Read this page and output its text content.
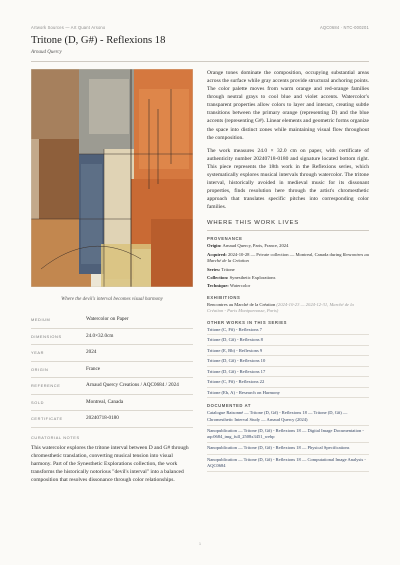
Artwork Sources — Art Quant Arsono	AQC0684 · NTC-000201
Tritone (D, G#) - Reflexions 18
Arnaud Quercy
Where the devil's interval becomes visual harmony
MEDIUM	Watercolor on Paper
DIMENSIONS	24.0×32.0cm
YEAR	2024
ORIGIN	France
REFERENCE	Arnaud Quercy Creations / AQC0684 / 2024
SOLD	Montreal, Canada
CERTIFICATE	20240718-0180
CURATORIAL NOTES
This watercolor explores the tritone interval between D and G# through chromesthetic translation, converting musical tension into visual harmony. Part of the Synesthetic Explorations collection, the work transforms the historically notorious "devil's interval" into a balanced composition that resolves dissonance through color relationships.

Orange tones dominate the composition, occupying substantial areas across the surface while gray accents provide structural anchoring points. The color palette moves from warm orange and red-orange families through neutral grays to cool blue and violet accents. Watercolor's transparent properties allow colors to layer and interact, creating subtle transitions between the primary orange (representing D) and the blue accents (representing G#). Linear elements and geometric forms organize the space into distinct zones while maintaining visual flow throughout the composition.

The work measures 24.0 × 32.0 cm on paper, with certificate of authenticity number 20240718-0180 and signature located bottom right. This piece represents the 18th work in the Reflexions series, which systematically explores musical intervals through watercolor. The tritone interval, historically avoided in medieval music for its dissonant properties, finds resolution here through the artist's chromesthetic approach that translates specific pitches into corresponding color families.

WHERE THIS WORK LIVES
PROVENANCE
Origin: Arnaud Quercy, Paris, France, 2024
Acquired: 2024-10-28 — Private collection — Montreal, Canada during Rencontres au Marché de la Création
Series: Tritone
Collection: Synesthetic Explorations
Technique: Watercolor
EXHIBITIONS
Rencontres au Marché de la Création (2024-10-23 — 2024-12-31, Marché de la Création - Paris Montparnasse, Paris)
OTHER WORKS IN THIS SERIES
Tritone (C, F#) - Reflexions 7
Tritone (D, G#) - Reflexions 8
Tritone (E, Bb) - Reflexions 9
Tritone (D, G#) - Reflexions 10
Tritone (D, G#) - Reflexions 17
Tritone (C, F#) - Reflexions 22
Tritone (Eb, A) - Research on Harmony
DOCUMENTED AT
Catalogue Raisonné — Tritone (D, G#) - Reflexions 18 — Tritone (D, G#) — Chromesthetic Interval Study — Arnaud Quercy (2024)
Nanopublication — Tritone (D, G#) - Reflexions 18 — Digital Image Documentation - aqc0684_img_full_2508x3451_webp
Nanopublication — Tritone (D, G#) - Reflexions 18 — Physical Specifications
Nanopublication — Tritone (D, G#) - Reflexions 18 — Computational Image Analysis - AQC0684
1
